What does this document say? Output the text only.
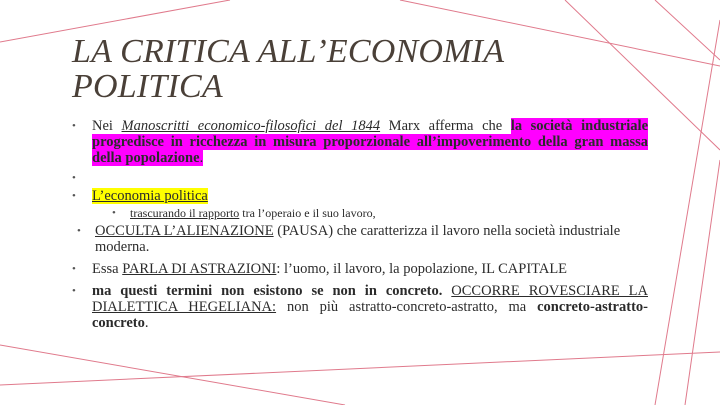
LA CRITICA ALL’ECONOMIA
POLITICA

• Nei Manoscritti economico-filosofici del 1844 Marx afferma che la società industriale progredisce in ricchezza in misura proporzionale all’impoverimento della gran massa della popolazione.

•

• L’economia politica

• trascurando il rapporto tra l’operaio e il suo lavoro,

• OCCULTA L’ALIENAZIONE (PAUSA) che caratterizza il lavoro nella società industriale moderna.

• Essa PARLA DI ASTRAZIONI: l’uomo, il lavoro, la popolazione, IL CAPITALE

• ma questi termini non esistono se non in concreto. OCCORRE ROVESCIARE LA DIALETTICA HEGELIANA: non più astratto-concreto-astratto, ma concreto-astratto-concreto.
